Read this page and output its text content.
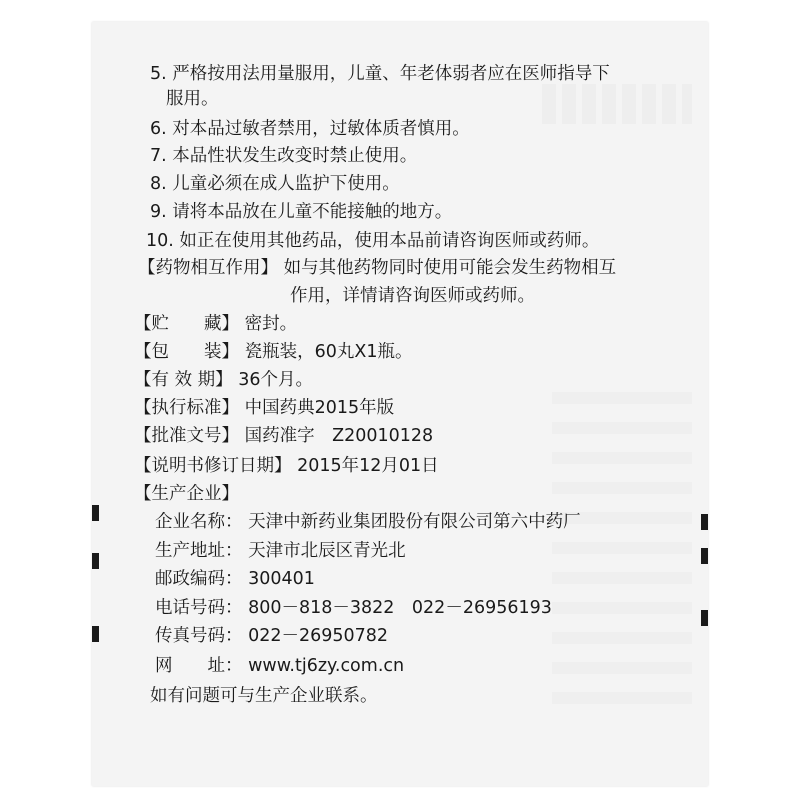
5. 严格按用法用量服用，儿童、年老体弱者应在医师指导下
服用。
6. 对本品过敏者禁用，过敏体质者慎用。
7. 本品性状发生改变时禁止使用。
8. 儿童必须在成人监护下使用。
9. 请将本品放在儿童不能接触的地方。
10. 如正在使用其他药品，使用本品前请咨询医师或药师。
【药物相互作用】 如与其他药物同时使用可能会发生药物相互
作用，详情请咨询医师或药师。
【贮　　藏】 密封。
【包　　装】 瓷瓶装，60丸X1瓶。
【有 效 期】 36个月。
【执行标准】 中国药典2015年版
【批准文号】 国药准字　Z20010128
【说明书修订日期】 2015年12月01日
【生产企业】
企业名称： 天津中新药业集团股份有限公司第六中药厂
生产地址： 天津市北辰区青光北
邮政编码： 300401
电话号码： 800－818－3822　022－26956193
传真号码： 022－26950782
网　　址： www.tj6zy.com.cn
如有问题可与生产企业联系。
